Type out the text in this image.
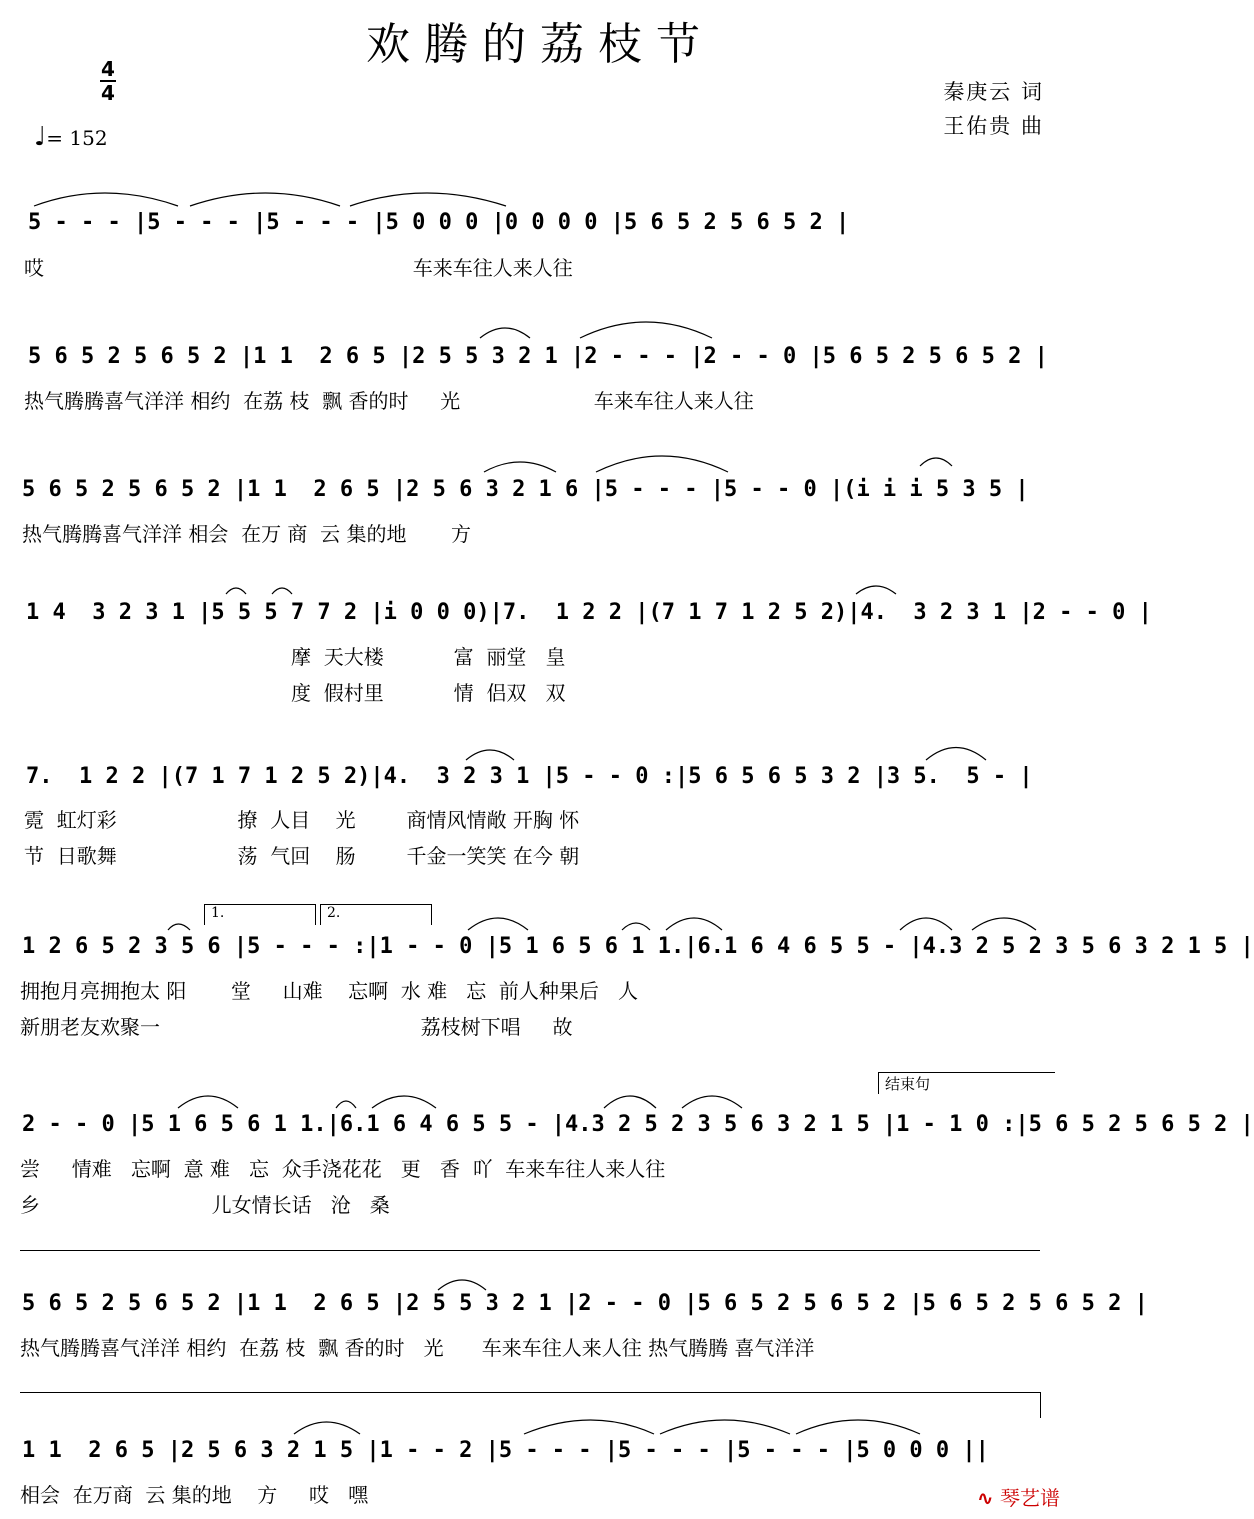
欢腾的荔枝节
秦庚云 词
王佑贵 曲
4
4
♩= 152
5 - - - |5 - - - |5 - - - |5 0 0 0 |0 0 0 0 |5 6 5 2 5 6 5 2 |
哎                                                          车来车往人来人往
5 6 5 2 5 6 5 2 |1 1  2 6 5 |2 5 5 3 2 1 |2 - - - |2 - - 0 |5 6 5 2 5 6 5 2 |
热气腾腾喜气洋洋 相约  在荔 枝  飘 香的时     光                     车来车往人来人往
5 6 5 2 5 6 5 2 |1 1  2 6 5 |2 5 6 3 2 1 6 |5 - - - |5 - - 0 |(i i i 5 3 5 |
热气腾腾喜气洋洋 相会  在万 商  云 集的地       方
1 4  3 2 3 1 |5 5 5 7 7 2 |i 0 0 0)|7.  1 2 2 |(7 1 7 1 2 5 2)|4.  3 2 3 1 |2 - - 0 |
摩  天大楼           富  丽堂   皇
度  假村里           情  侣双   双
7.  1 2 2 |(7 1 7 1 2 5 2)|4.  3 2 3 1 |5 - - 0 :|5 6 5 6 5 3 2 |3 5.  5 - |
霓  虹灯彩                   撩  人目    光        商情风情敞 开胸 怀
节  日歌舞                   荡  气回    肠        千金一笑笑 在今 朝
1.	2.
1 2 6 5 2 3 5 6 |5 - - - :|1 - - 0 |5 1 6 5 6 1 1.|6.1 6 4 6 5 5 - |4.3 2 5 2 3 5 6 3 2 1 5 |
拥抱月亮拥抱太 阳       堂     山难    忘啊  水 难   忘  前人种果后   人
新朋老友欢聚一                                         荔枝树下唱     故
结束句
2 - - 0 |5 1 6 5 6 1 1.|6.1 6 4 6 5 5 - |4.3 2 5 2 3 5 6 3 2 1 5 |1 - 1 0 :|5 6 5 2 5 6 5 2 |
尝     情难   忘啊  意 难   忘  众手浇花花   更   香  吖  车来车往人来人往
乡                           儿女情长话   沧   桑
5 6 5 2 5 6 5 2 |1 1  2 6 5 |2 5 5 3 2 1 |2 - - 0 |5 6 5 2 5 6 5 2 |5 6 5 2 5 6 5 2 |
热气腾腾喜气洋洋 相约  在荔 枝  飘 香的时   光      车来车往人来人往 热气腾腾 喜气洋洋
1 1  2 6 5 |2 5 6 3 2 1 5 |1 - - 2 |5 - - - |5 - - - |5 - - - |5 0 0 0 ||
相会  在万商  云 集的地    方     哎   嘿	∿ 琴艺谱
